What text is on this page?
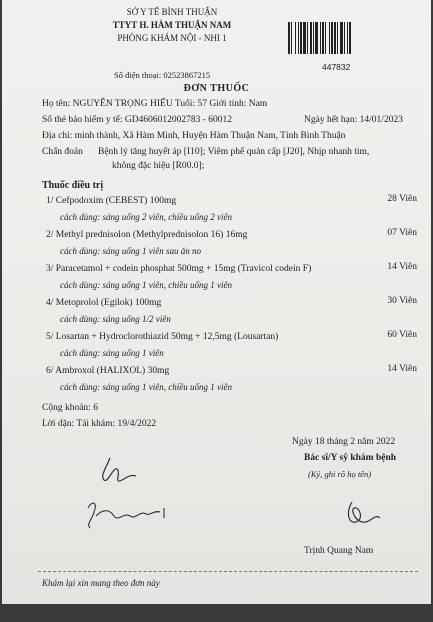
SỞ Y TẾ BÌNH THUẬN
TTYT H. HÀM THUẬN NAM
PHÒNG KHÁM NỘI - NHI 1
Số điện thoại: 02523867215
447832
ĐƠN THUỐC
Họ tên: NGUYỄN TRỌNG HIẾU Tuổi: 57 Giới tính: Nam
Số thẻ bảo hiểm y tế: GD4606012002783 - 60012	Ngày hết hạn: 14/01/2023
Địa chỉ: minh thành, Xã Hàm Minh, Huyện Hàm Thuận Nam, Tỉnh Bình Thuận
Chẩn đoán Bệnh lý tăng huyết áp [I10]; Viêm phế quản cấp [J20], Nhịp nhanh tim,
không đặc hiệu [R00.0];
Thuốc điều trị
1/ Cefpodoxim (CEBEST) 100mg	28 Viên
cách dùng: sáng uống 2 viên, chiều uống 2 viên
2/ Methyl prednisolon (Methylprednisolon 16) 16mg	07 Viên
cách dùng: sáng uống 1 viên sau ăn no
3/ Paracetamol + codein phosphat 500mg + 15mg (Travicol codein F)	14 Viên
cách dùng: sáng uống 1 viên, chiều uống 1 viên
4/ Metoprolol (Egilok) 100mg	30 Viên
cách dùng: sáng uống 1/2 viên
5/ Losartan + Hydroclorothiazid 50mg + 12,5mg (Lousartan)	60 Viên
cách dùng: sáng uống 1 viên
6/ Ambroxol (HALIXOL) 30mg	14 Viên
cách dùng: sáng uống 1 viên, chiều uống 1 viên
Cộng khoản: 6
Lời dặn: Tái khám: 19/4/2022
Ngày 18 tháng 2 năm 2022
Bác sĩ/Y sỹ khám bệnh
(Ký, ghi rõ họ tên)
Trịnh Quang Nam
Khám lại xin mang theo đơn này
